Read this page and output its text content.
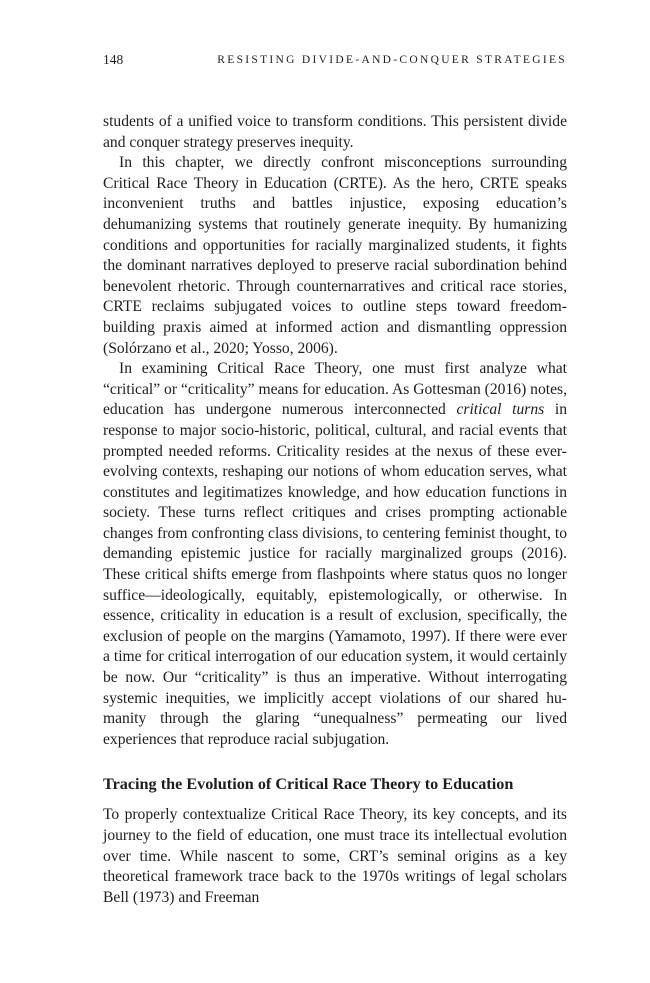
148	RESISTING DIVIDE-AND-CONQUER STRATEGIES

students of a unified voice to transform conditions. This persistent divide and conquer strategy preserves inequity.

In this chapter, we directly confront misconceptions surrounding Critical Race Theory in Education (CRTE). As the hero, CRTE speaks inconvenient truths and battles injustice, exposing education’s dehumanizing systems that routinely generate inequity. By humanizing conditions and opportunities for racially marginalized students, it fights the dominant narratives deployed to preserve racial subordination behind benevolent rhetoric. Through counternarratives and critical race stories, CRTE reclaims subjugated voices to outline steps toward freedom-building praxis aimed at informed action and dismantling oppression (Solórzano et al., 2020; Yosso, 2006).

In examining Critical Race Theory, one must first analyze what “critical” or “criticality” means for education. As Gottesman (2016) notes, education has undergone numerous interconnected critical turns in response to major socio-historic, political, cultural, and racial events that prompted needed reforms. Criticality resides at the nexus of these ever-evolving contexts, reshaping our notions of whom education serves, what constitutes and legitimatizes knowledge, and how education functions in society. These turns reflect critiques and crises prompting actionable changes from confronting class divisions, to centering feminist thought, to demanding epistemic justice for racially marginalized groups (2016). These critical shifts emerge from flashpoints where status quos no longer suffice—ideologically, equitably, epistemologically, or otherwise. In essence, criticality in education is a result of exclusion, specifically, the exclusion of people on the margins (Yamamoto, 1997). If there were ever a time for critical interrogation of our education system, it would certainly be now. Our “criticality” is thus an imperative. Without interrogating systemic inequities, we implicitly accept violations of our shared humanity through the glaring “unequalness” permeating our lived experiences that reproduce racial subjugation.

Tracing the Evolution of Critical Race Theory to Education

To properly contextualize Critical Race Theory, its key concepts, and its journey to the field of education, one must trace its intellectual evolution over time. While nascent to some, CRT’s seminal origins as a key theoretical framework trace back to the 1970s writings of legal scholars Bell (1973) and Freeman
